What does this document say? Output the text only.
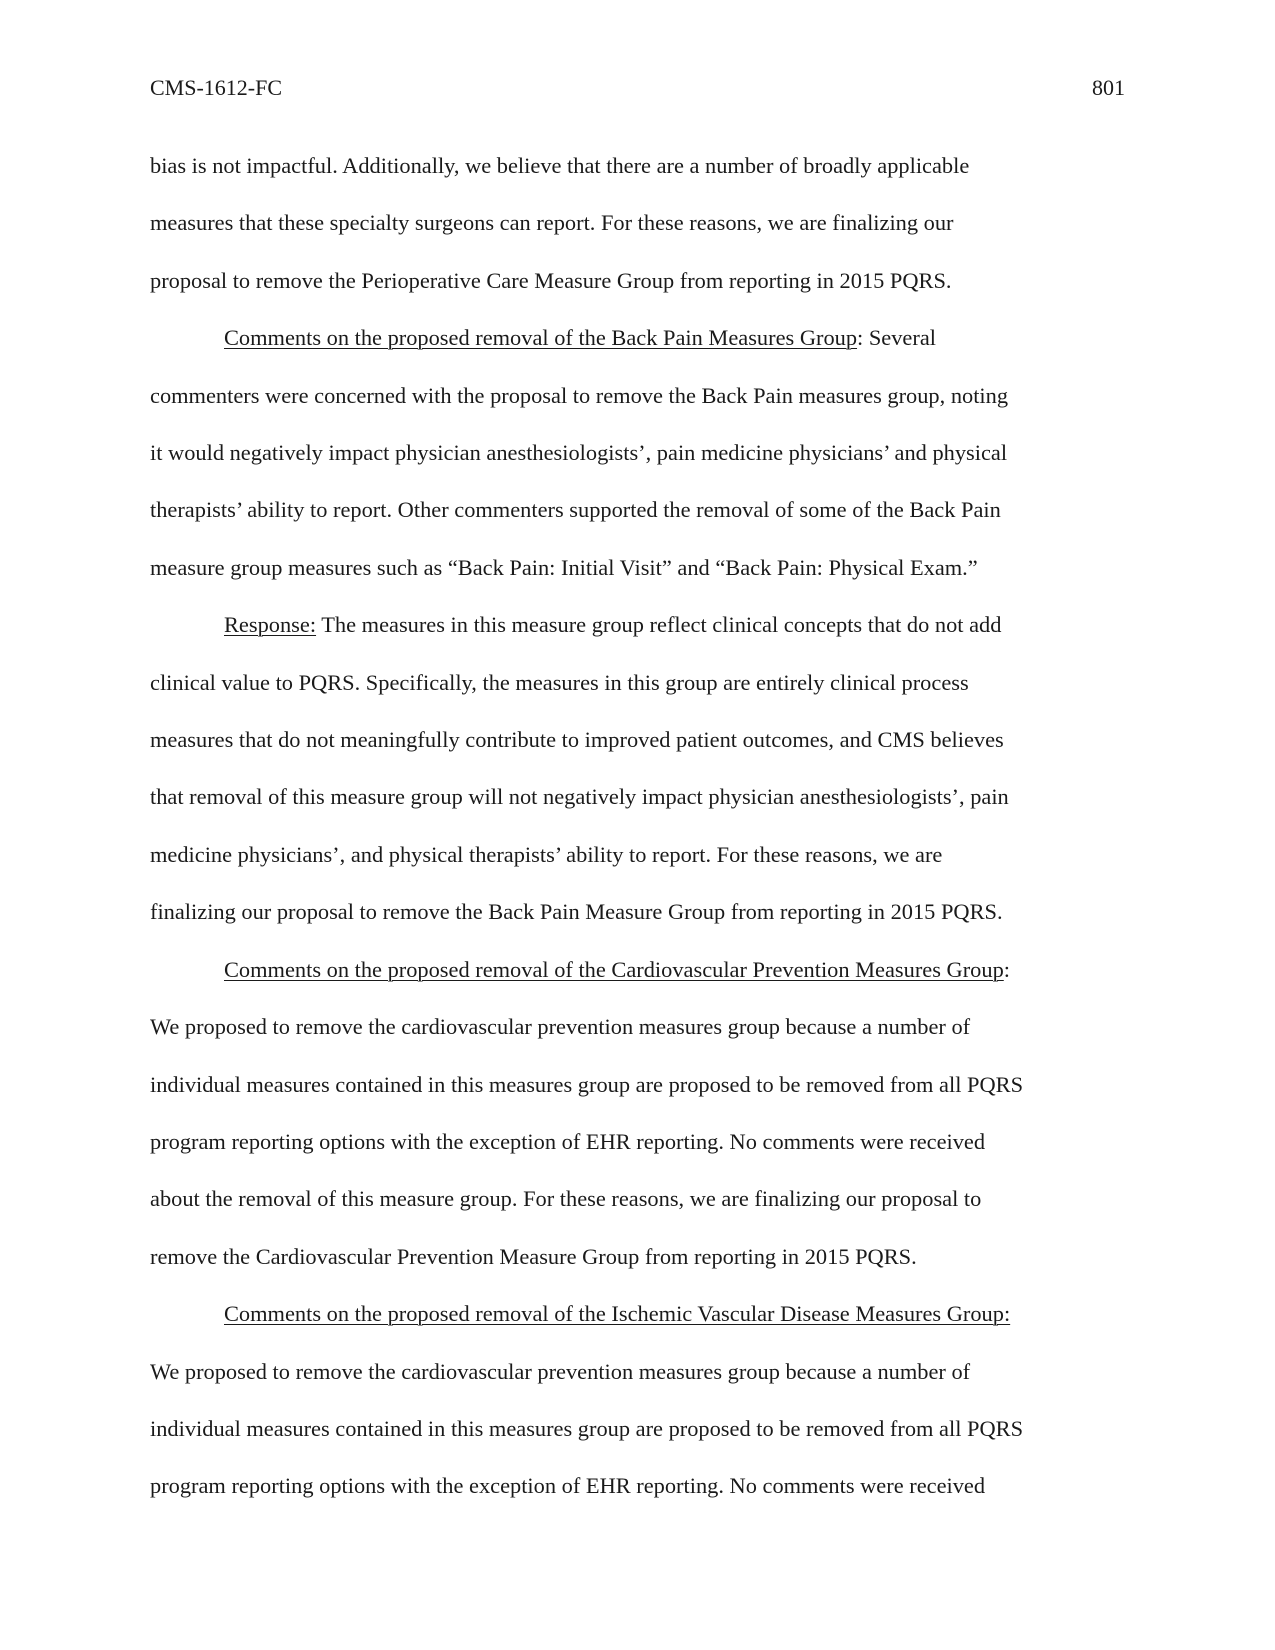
CMS-1612-FC	801

bias is not impactful. Additionally, we believe that there are a number of broadly applicable
measures that these specialty surgeons can report. For these reasons, we are finalizing our
proposal to remove the Perioperative Care Measure Group from reporting in 2015 PQRS.

Comments on the proposed removal of the Back Pain Measures Group: Several
commenters were concerned with the proposal to remove the Back Pain measures group, noting
it would negatively impact physician anesthesiologists’, pain medicine physicians’ and physical
therapists’ ability to report. Other commenters supported the removal of some of the Back Pain
measure group measures such as “Back Pain: Initial Visit” and “Back Pain: Physical Exam.”

Response: The measures in this measure group reflect clinical concepts that do not add
clinical value to PQRS. Specifically, the measures in this group are entirely clinical process
measures that do not meaningfully contribute to improved patient outcomes, and CMS believes
that removal of this measure group will not negatively impact physician anesthesiologists’, pain
medicine physicians’, and physical therapists’ ability to report. For these reasons, we are
finalizing our proposal to remove the Back Pain Measure Group from reporting in 2015 PQRS.

Comments on the proposed removal of the Cardiovascular Prevention Measures Group:
We proposed to remove the cardiovascular prevention measures group because a number of
individual measures contained in this measures group are proposed to be removed from all PQRS
program reporting options with the exception of EHR reporting. No comments were received
about the removal of this measure group. For these reasons, we are finalizing our proposal to
remove the Cardiovascular Prevention Measure Group from reporting in 2015 PQRS.

Comments on the proposed removal of the Ischemic Vascular Disease Measures Group:
We proposed to remove the cardiovascular prevention measures group because a number of
individual measures contained in this measures group are proposed to be removed from all PQRS
program reporting options with the exception of EHR reporting. No comments were received
